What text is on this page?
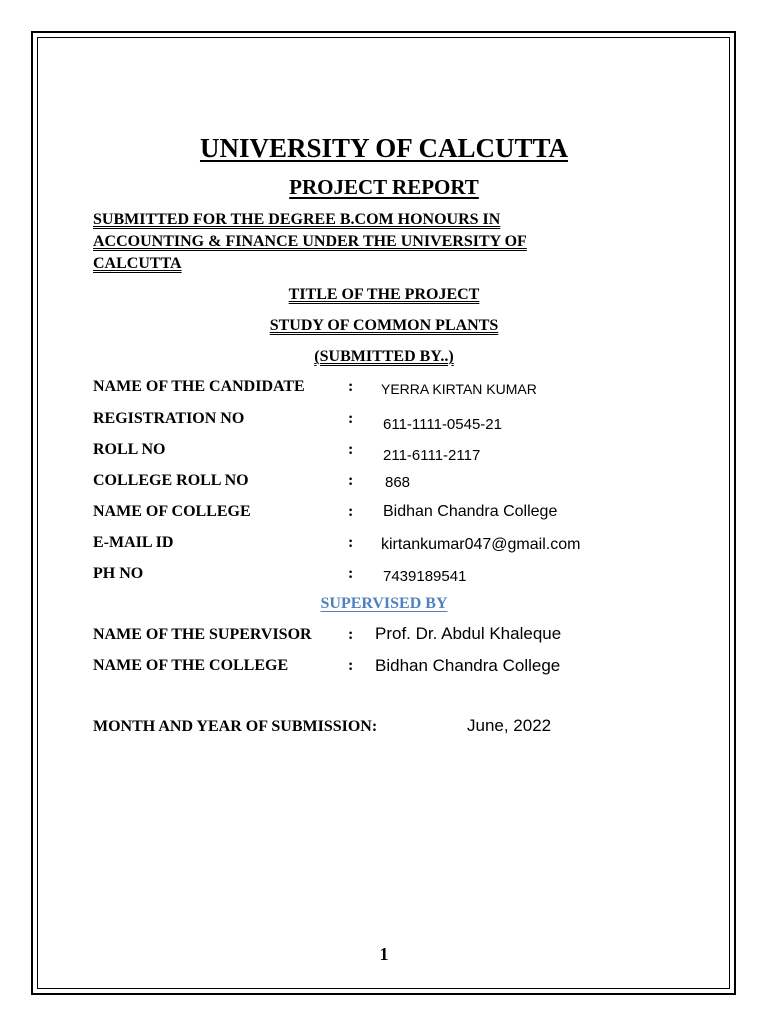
UNIVERSITY OF CALCUTTA
PROJECT REPORT
SUBMITTED FOR THE DEGREE B.COM HONOURS IN
ACCOUNTING & FINANCE UNDER THE UNIVERSITY OF
CALCUTTA
TITLE OF THE PROJECT
STUDY OF COMMON PLANTS
(SUBMITTED BY..)
NAME OF THE CANDIDATE	: YERRA KIRTAN KUMAR
REGISTRATION NO	: 611-1111-0545-21
ROLL NO	: 211-6111-2117
COLLEGE ROLL NO	: 868
NAME OF COLLEGE	: Bidhan Chandra College
E-MAIL ID	: kirtankumar047@gmail.com
PH NO	: 7439189541
SUPERVISED BY
NAME OF THE SUPERVISOR : Prof. Dr. Abdul Khaleque
NAME OF THE COLLEGE	: Bidhan Chandra College
MONTH AND YEAR OF SUBMISSION:	June, 2022
1
